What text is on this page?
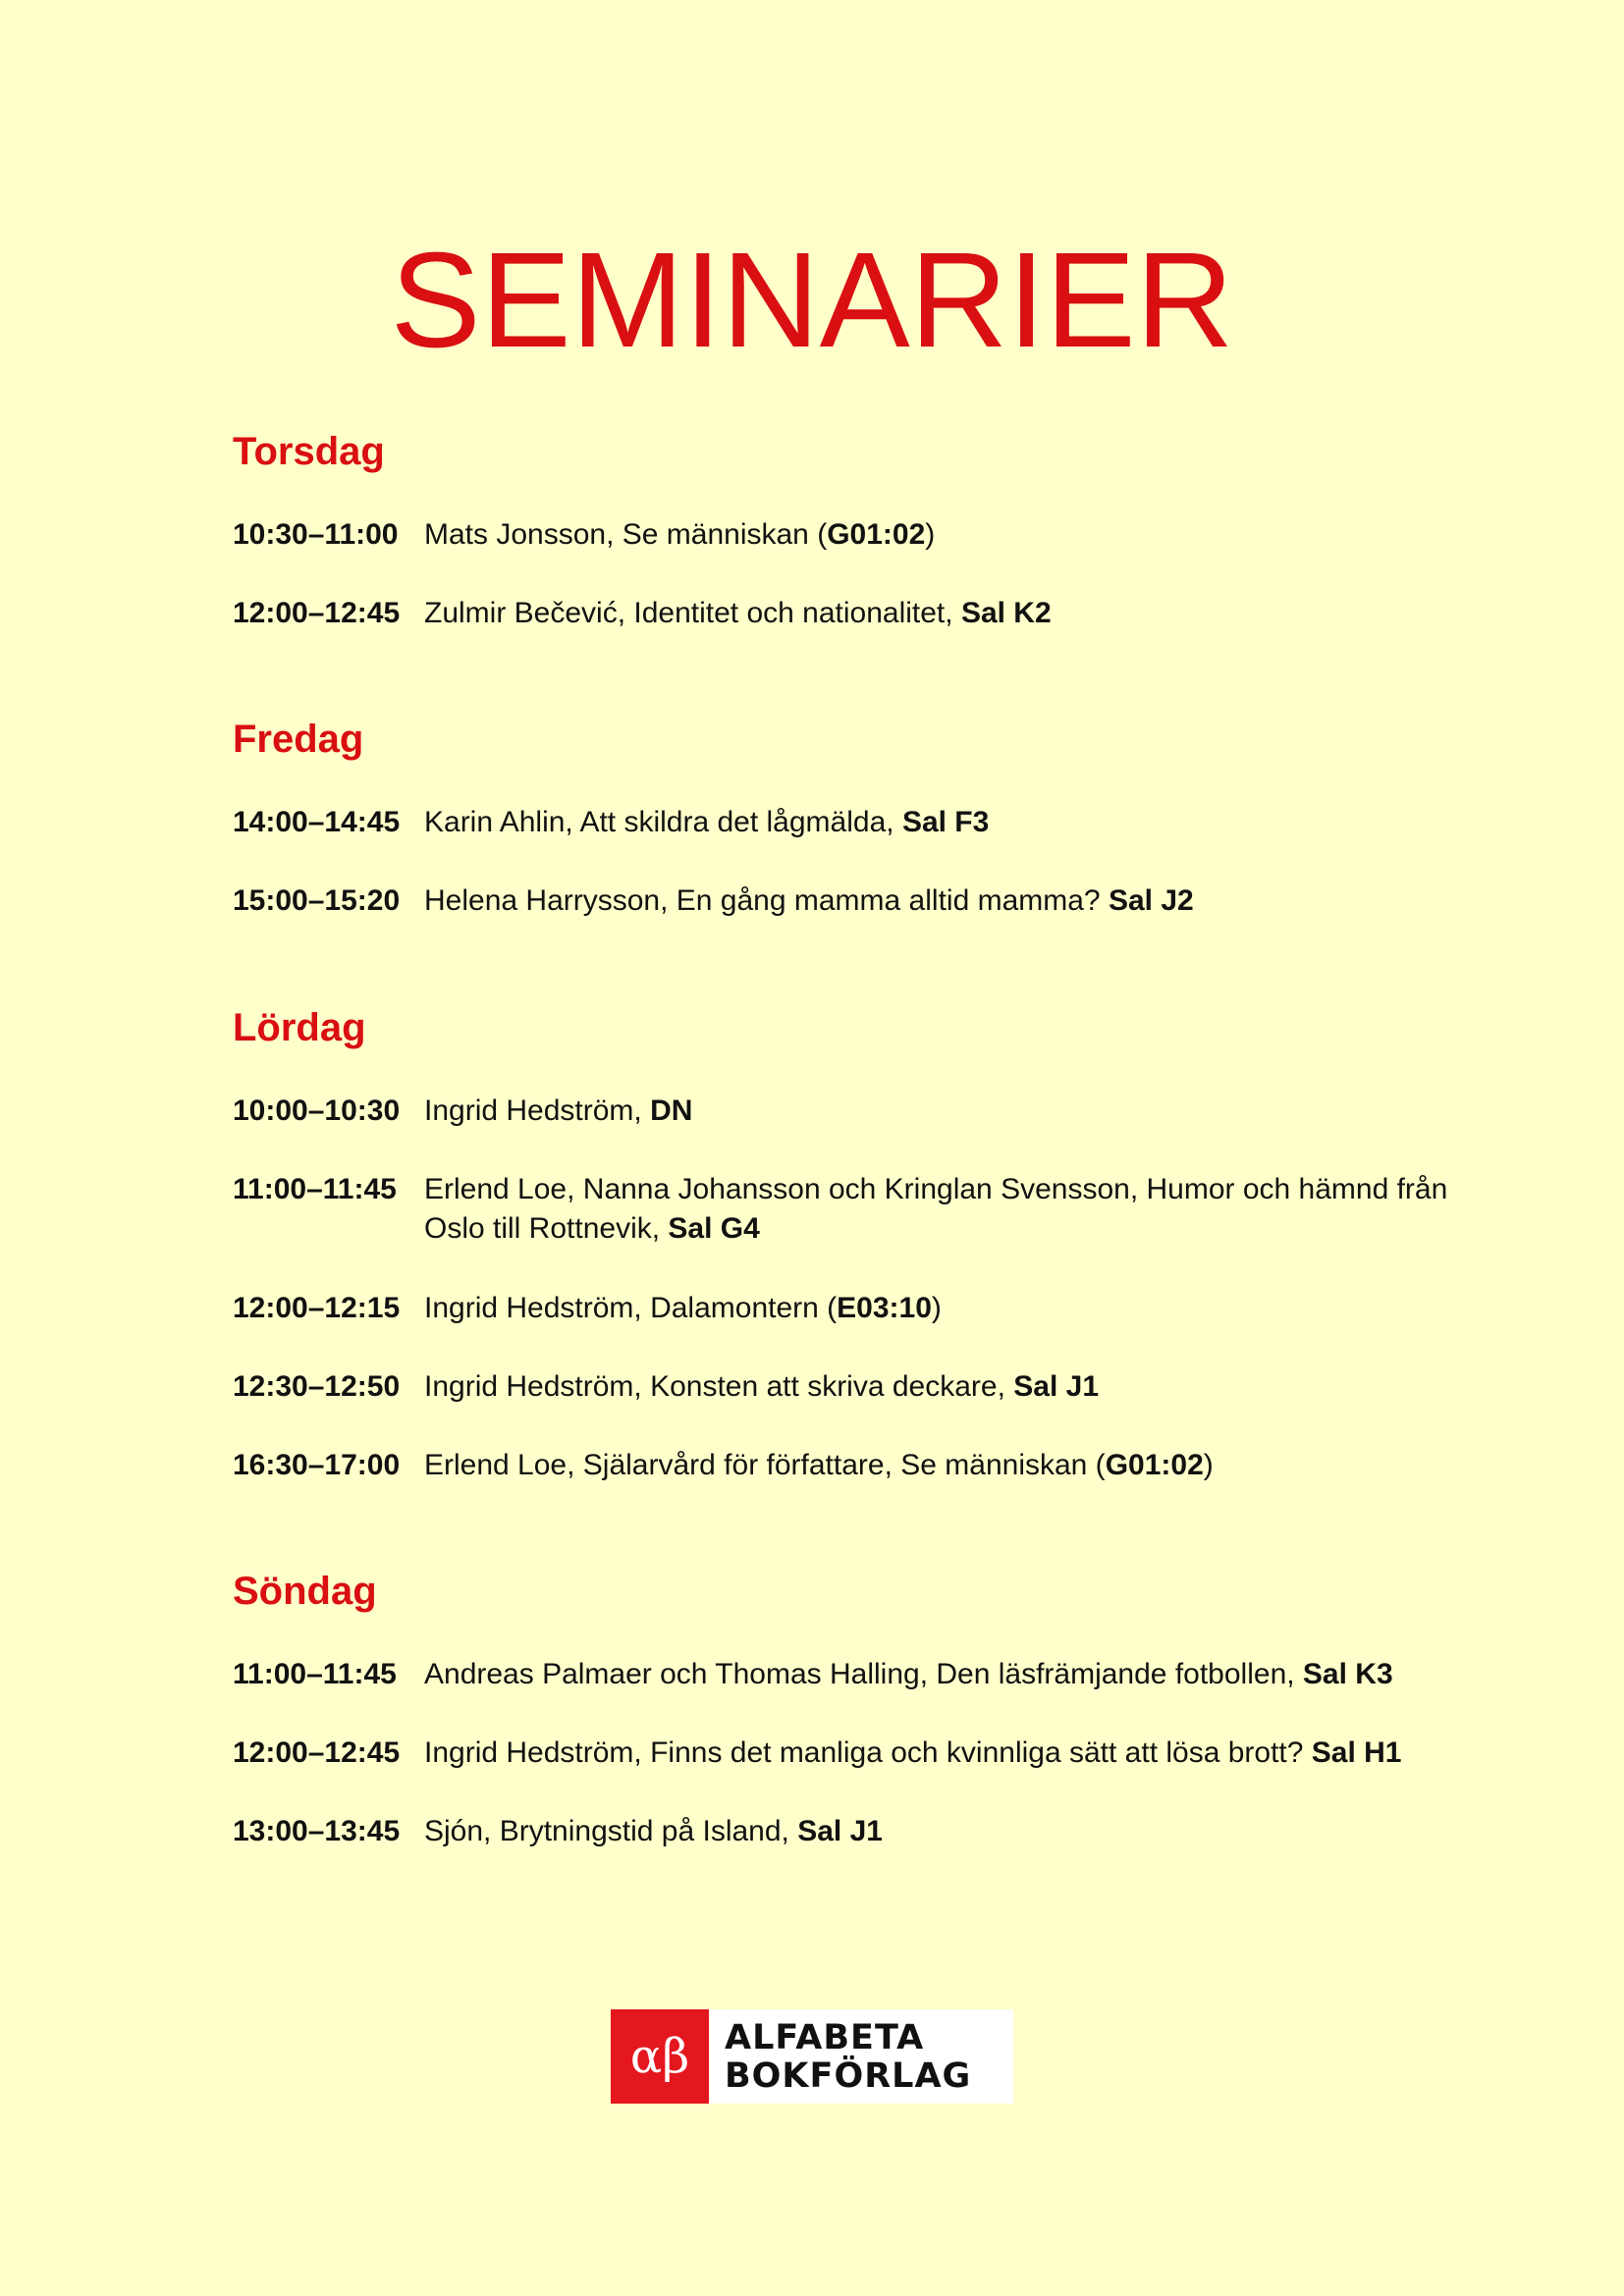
SEMINARIER
Torsdag
10:30–11:00 Mats Jonsson, Se människan (G01:02)
12:00–12:45 Zulmir Bečević, Identitet och nationalitet, Sal K2
Fredag
14:00–14:45 Karin Ahlin, Att skildra det lågmälda, Sal F3
15:00–15:20 Helena Harrysson, En gång mamma alltid mamma? Sal J2
Lördag
10:00–10:30 Ingrid Hedström, DN
11:00–11:45 Erlend Loe, Nanna Johansson och Kringlan Svensson, Humor och hämnd från Oslo till Rottnevik, Sal G4
12:00–12:15 Ingrid Hedström, Dalamontern (E03:10)
12:30–12:50 Ingrid Hedström, Konsten att skriva deckare, Sal J1
16:30–17:00 Erlend Loe, Själarvård för författare, Se människan (G01:02)
Söndag
11:00–11:45 Andreas Palmaer och Thomas Halling, Den läsfrämjande fotbollen, Sal K3
12:00–12:45 Ingrid Hedström, Finns det manliga och kvinnliga sätt att lösa brott? Sal H1
13:00–13:45 Sjón, Brytningstid på Island, Sal J1
αβ	ALFABETA
BOKFÖRLAG
